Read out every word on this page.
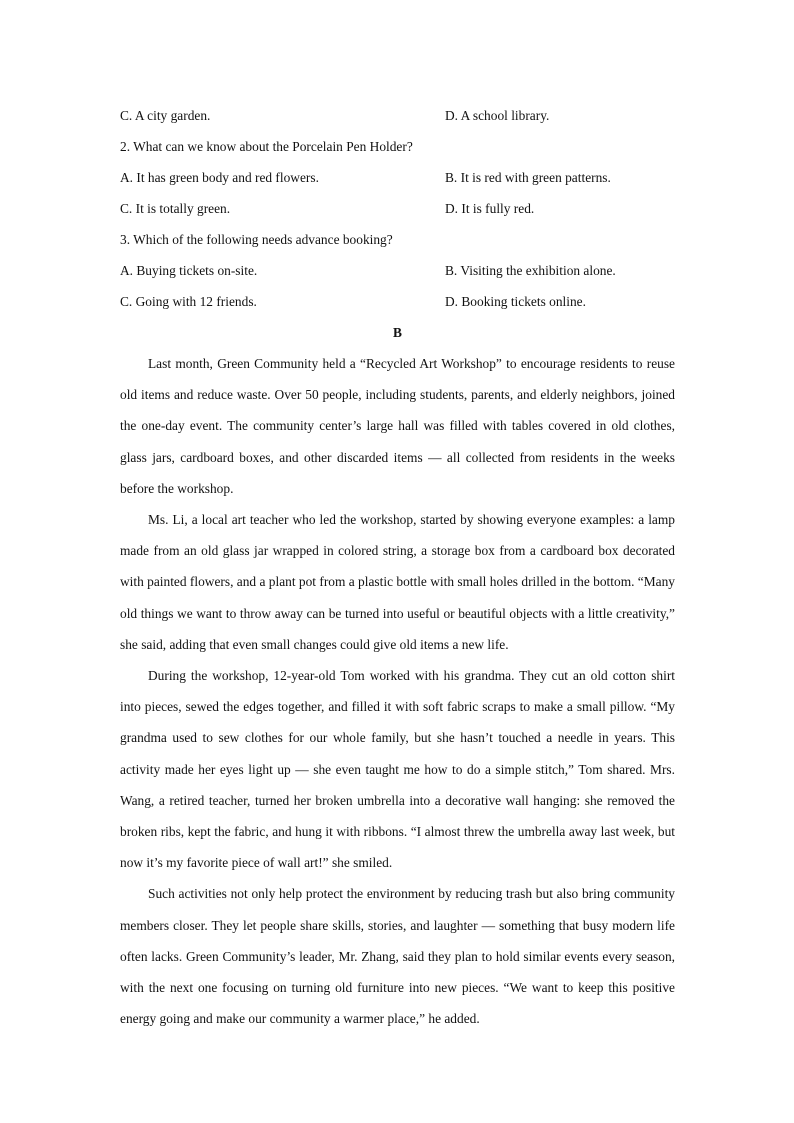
C. A city garden.	D. A school library.
2. What can we know about the Porcelain Pen Holder?
A. It has green body and red flowers.	B. It is red with green patterns.
C. It is totally green.	D. It is fully red.
3. Which of the following needs advance booking?
A. Buying tickets on-site.	B. Visiting the exhibition alone.
C. Going with 12 friends.	D. Booking tickets online.
B

Last month, Green Community held a “Recycled Art Workshop” to encourage residents to reuse old items and reduce waste. Over 50 people, including students, parents, and elderly neighbors, joined the one-day event. The community center’s large hall was filled with tables covered in old clothes, glass jars, cardboard boxes, and other discarded items — all collected from residents in the weeks before the workshop.

Ms. Li, a local art teacher who led the workshop, started by showing everyone examples: a lamp made from an old glass jar wrapped in colored string, a storage box from a cardboard box decorated with painted flowers, and a plant pot from a plastic bottle with small holes drilled in the bottom. “Many old things we want to throw away can be turned into useful or beautiful objects with a little creativity,” she said, adding that even small changes could give old items a new life.

During the workshop, 12-year-old Tom worked with his grandma. They cut an old cotton shirt into pieces, sewed the edges together, and filled it with soft fabric scraps to make a small pillow. “My grandma used to sew clothes for our whole family, but she hasn’t touched a needle in years. This activity made her eyes light up — she even taught me how to do a simple stitch,” Tom shared. Mrs. Wang, a retired teacher, turned her broken umbrella into a decorative wall hanging: she removed the broken ribs, kept the fabric, and hung it with ribbons. “I almost threw the umbrella away last week, but now it’s my favorite piece of wall art!” she smiled.

Such activities not only help protect the environment by reducing trash but also bring community members closer. They let people share skills, stories, and laughter — something that busy modern life often lacks. Green Community’s leader, Mr. Zhang, said they plan to hold similar events every season, with the next one focusing on turning old furniture into new pieces. “We want to keep this positive energy going and make our community a warmer place,” he added.
